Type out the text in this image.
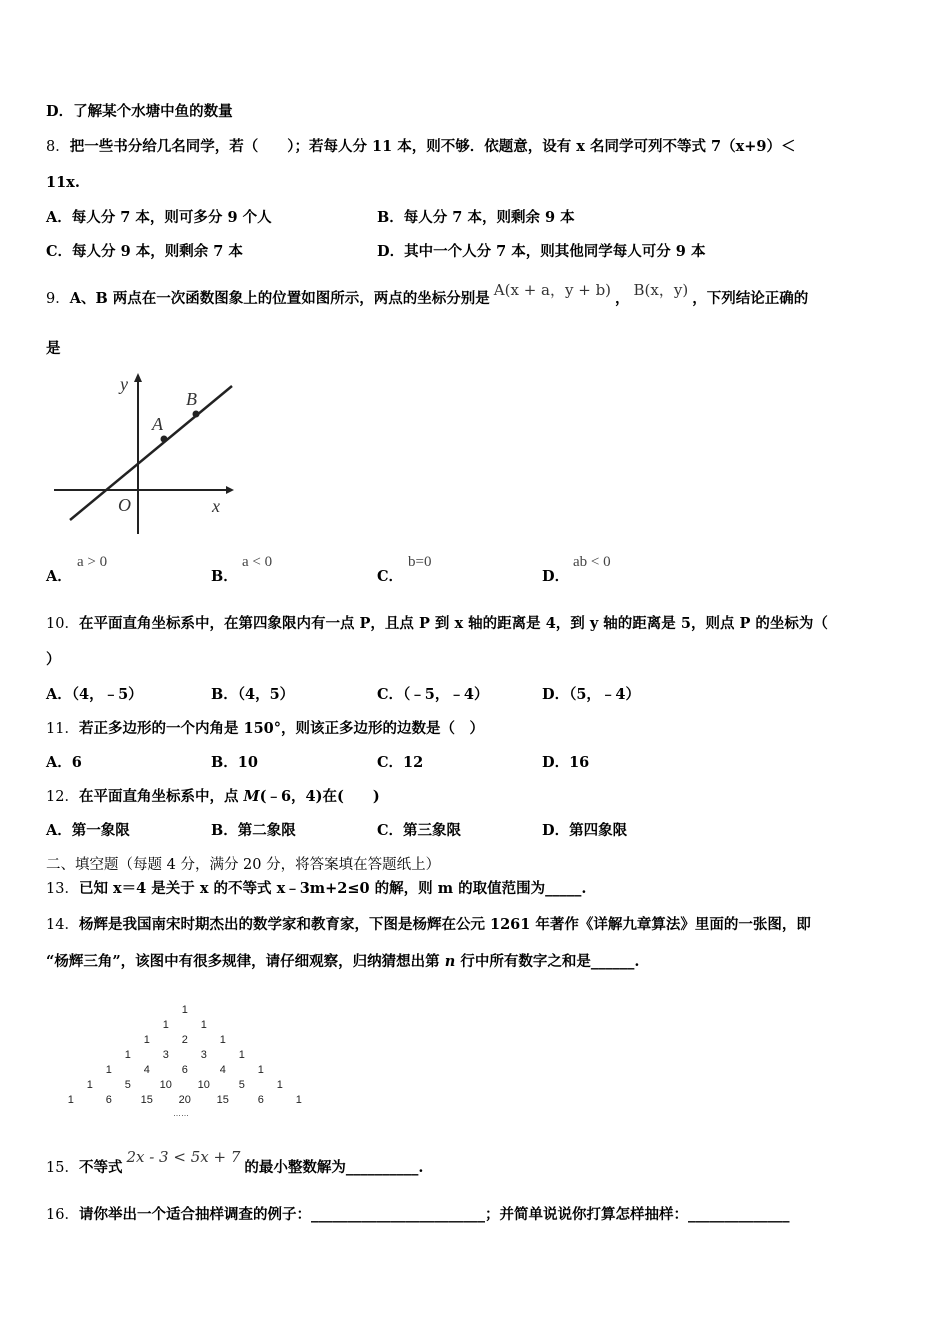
D．了解某个水塘中鱼的数量
8．把一些书分给几名同学，若（　　）；若每人分 11 本，则不够．依题意，设有 x 名同学可列不等式 7（x+9）＜
11x.
A．每人分 7 本，则可多分 9 个人	B．每人分 7 本，则剩余 9 本
C．每人分 9 本，则剩余 7 本	D．其中一个人分 7 本，则其他同学每人可分 9 本
9．A、B 两点在一次函数图象上的位置如图所示，两点的坐标分别是 A(x + a，y + b) ， B(x，y) ，下列结论正确的
是
y
x
O
A
B
A．
a > 0
B．
a < 0
C．
b=0
D．
ab < 0
10．在平面直角坐标系中，在第四象限内有一点 P，且点 P 到 x 轴的距离是 4，到 y 轴的距离是 5，则点 P 的坐标为（
）
A．（4，﹣5）	B．（4，5）	C．（﹣5，﹣4）	D．（5，﹣4）
11．若正多边形的一个内角是 150°，则该正多边形的边数是（　）
A．6	B．10	C．12	D．16
12．在平面直角坐标系中，点 M(﹣6，4)在(　　)
A．第一象限	B．第二象限	C．第三象限	D．第四象限
二、填空题（每题 4 分，满分 20 分，将答案填在答题纸上）
13．已知 x＝4 是关于 x 的不等式 x﹣3m+2≤0 的解，则 m 的取值范围为_____.
14．杨辉是我国南宋时期杰出的数学家和教育家，下图是杨辉在公元 1261 年著作《详解九章算法》里面的一张图，即
“杨辉三角”，该图中有很多规律，请仔细观察，归纳猜想出第 n 行中所有数字之和是______.
1
1	1
1	2	1
1	3	3	1
1	4	6	4	1
1	5	10 10	5	1
1	6	15 20 15	6	1
……
15．不等式2x - 3 < 5x + 7的最小整数解为__________.
16．请你举出一个适合抽样调查的例子：________________________；并简单说说你打算怎样抽样：______________
